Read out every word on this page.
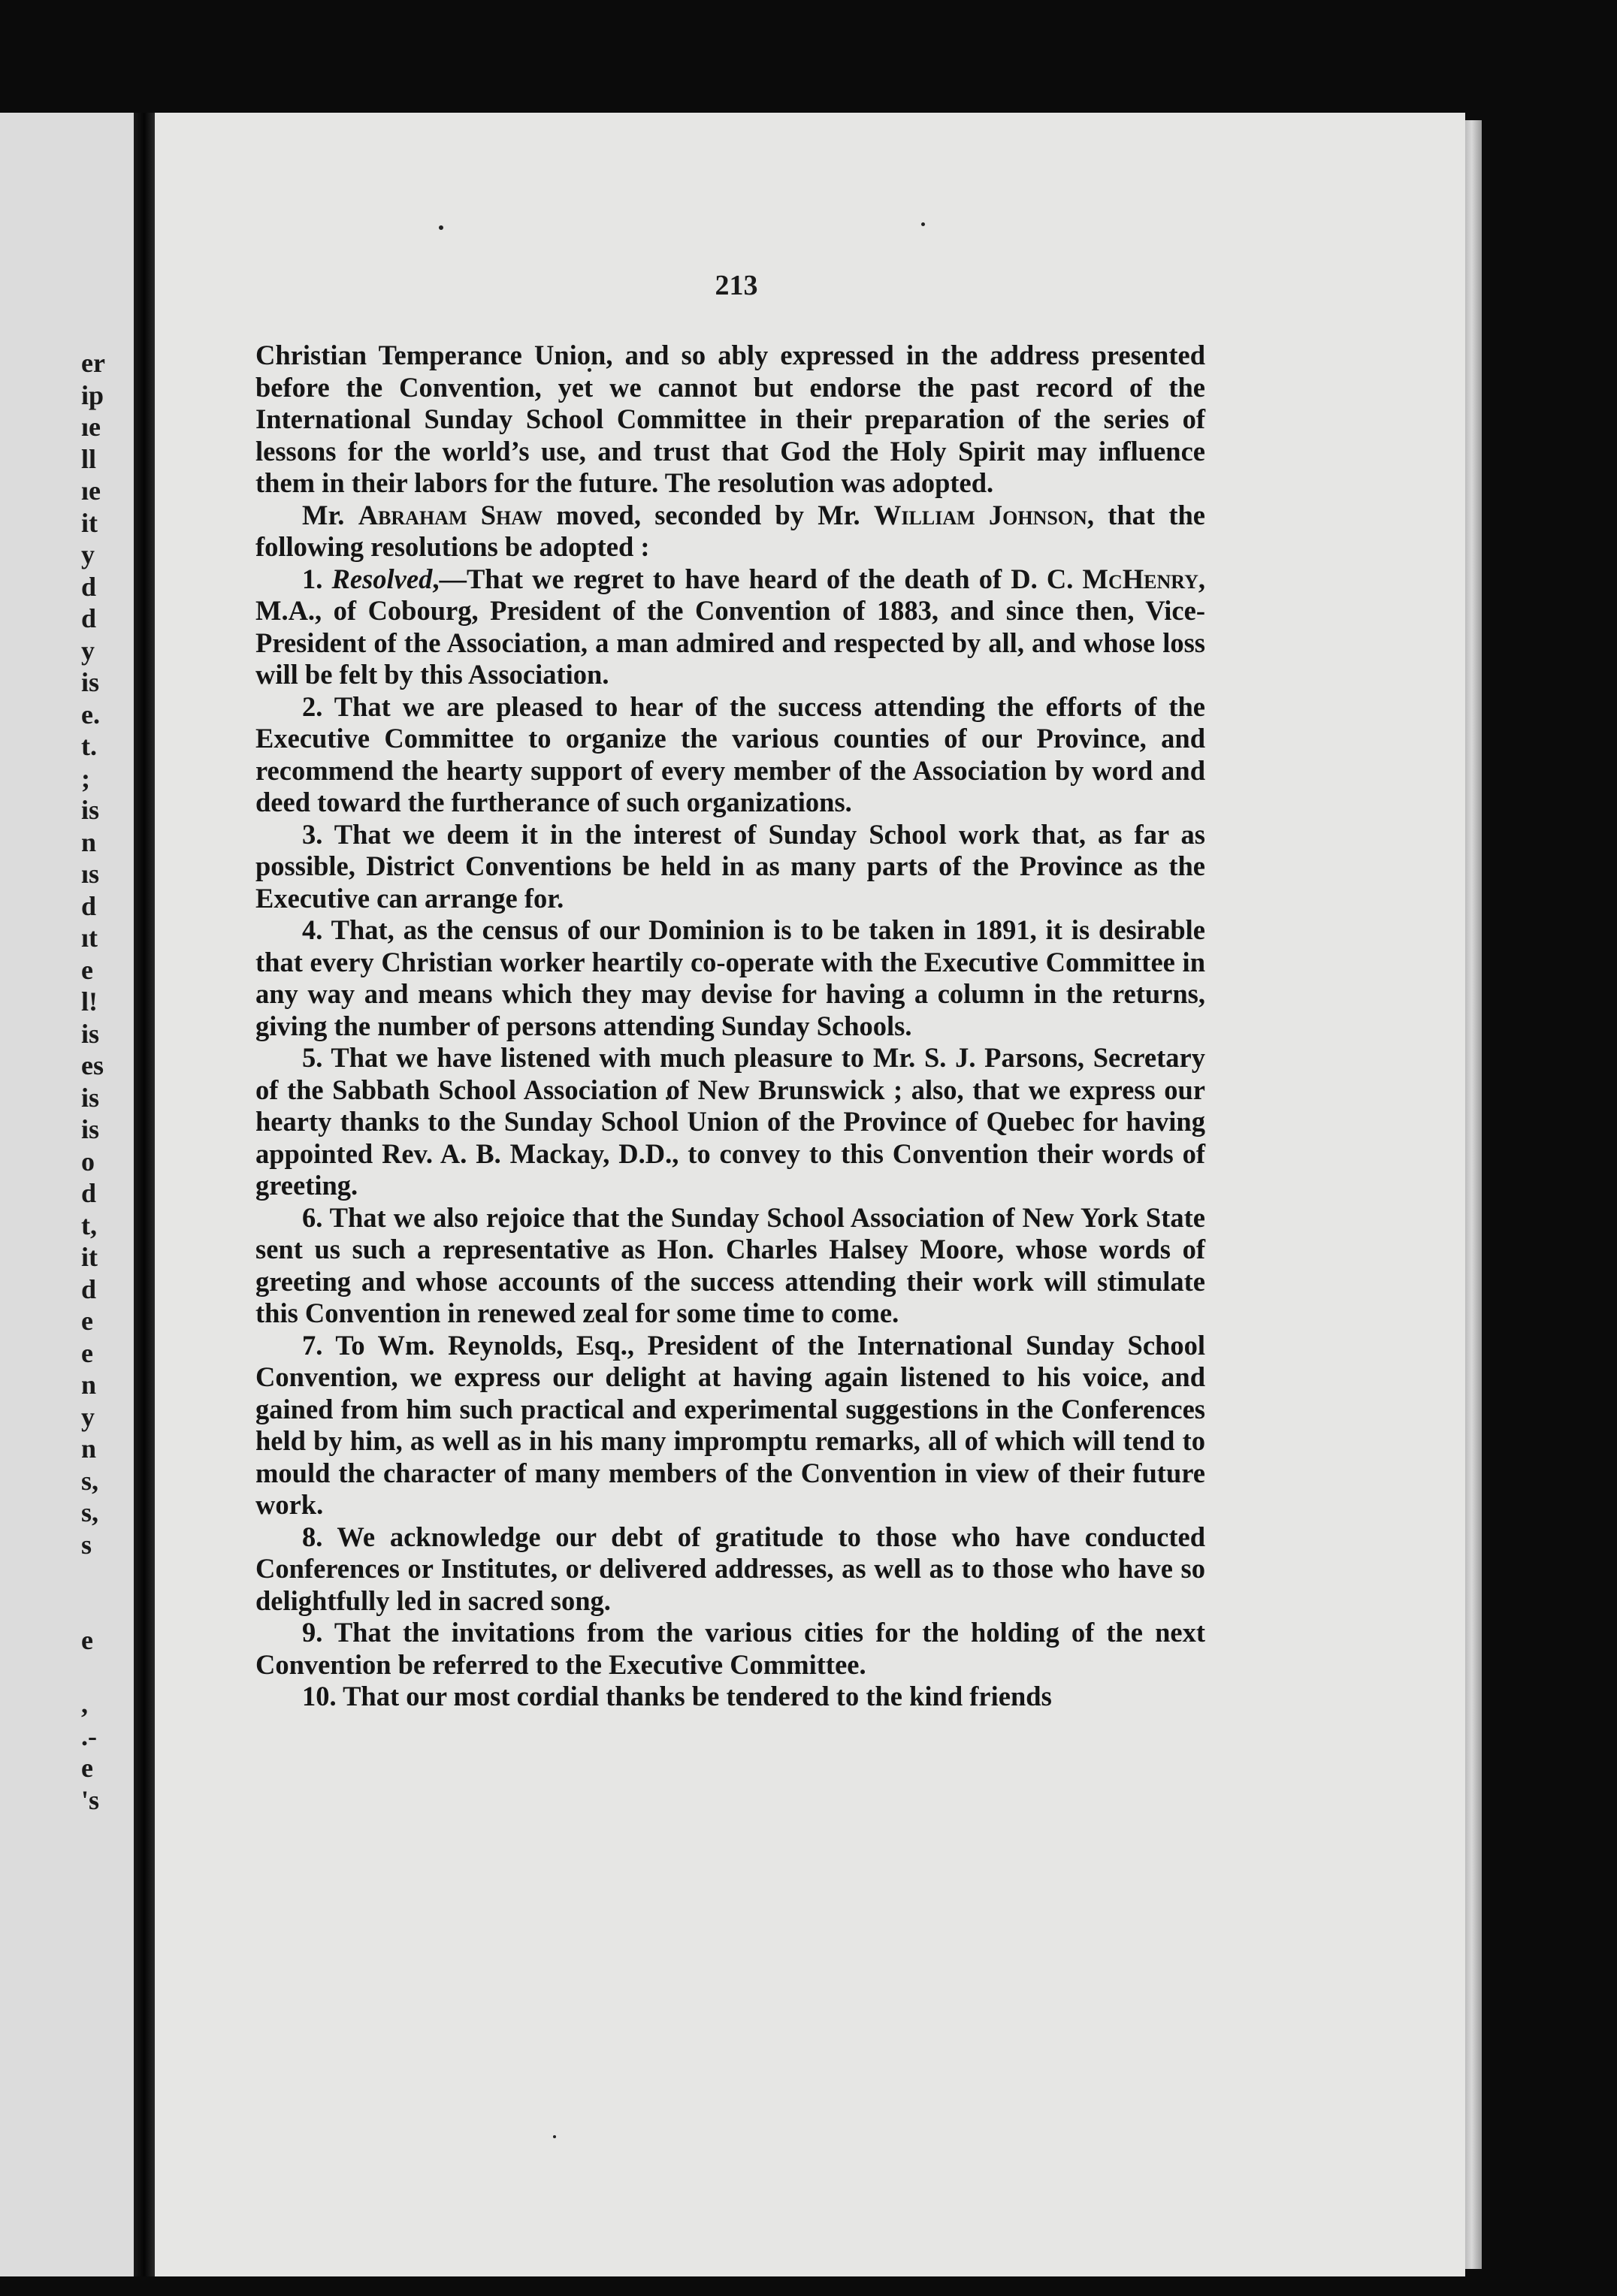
er
ip
ıe
ll
ıe
it
y
d
d
y
is
e.
t.
;
is
n
ıs
d
ıt
e
l!
is
es
is
is
o
d
t,
it
d
e
e
n
y
n
s,
s,
s
e
,
.-
e
's
213

Christian Temperance Union, and so ably expressed in the address presented before the Convention, yet we cannot but endorse the past record of the International Sunday School Committee in their preparation of the series of lessons for the world’s use, and trust that God the Holy Spirit may influence them in their labors for the future. The resolution was adopted.

Mr. Abraham Shaw moved, seconded by Mr. William Johnson, that the following resolutions be adopted :

1. Resolved,—That we regret to have heard of the death of D. C. McHenry, M.A., of Cobourg, President of the Convention of 1883, and since then, Vice-President of the Association, a man admired and respected by all, and whose loss will be felt by this Association.

2. That we are pleased to hear of the success attending the efforts of the Executive Committee to organize the various counties of our Province, and recommend the hearty support of every member of the Association by word and deed toward the furtherance of such organizations.

3. That we deem it in the interest of Sunday School work that, as far as possible, District Conventions be held in as many parts of the Province as the Executive can arrange for.

4. That, as the census of our Dominion is to be taken in 1891, it is desirable that every Christian worker heartily co-operate with the Executive Committee in any way and means which they may devise for having a column in the returns, giving the number of persons attending Sunday Schools.

5. That we have listened with much pleasure to Mr. S. J. Parsons, Secretary of the Sabbath School Association of New Brunswick ; also, that we express our hearty thanks to the Sunday School Union of the Province of Quebec for having appointed Rev. A. B. Mackay, D.D., to convey to this Convention their words of greeting.

6. That we also rejoice that the Sunday School Association of New York State sent us such a representative as Hon. Charles Halsey Moore, whose words of greeting and whose accounts of the success attending their work will stimulate this Convention in renewed zeal for some time to come.

7. To Wm. Reynolds, Esq., President of the International Sunday School Convention, we express our delight at having again listened to his voice, and gained from him such practical and experimental suggestions in the Conferences held by him, as well as in his many impromptu remarks, all of which will tend to mould the character of many members of the Convention in view of their future work.

8. We acknowledge our debt of gratitude to those who have conducted Conferences or Institutes, or delivered addresses, as well as to those who have so delightfully led in sacred song.

9. That the invitations from the various cities for the holding of the next Convention be referred to the Executive Committee.

10. That our most cordial thanks be tendered to the kind friends
